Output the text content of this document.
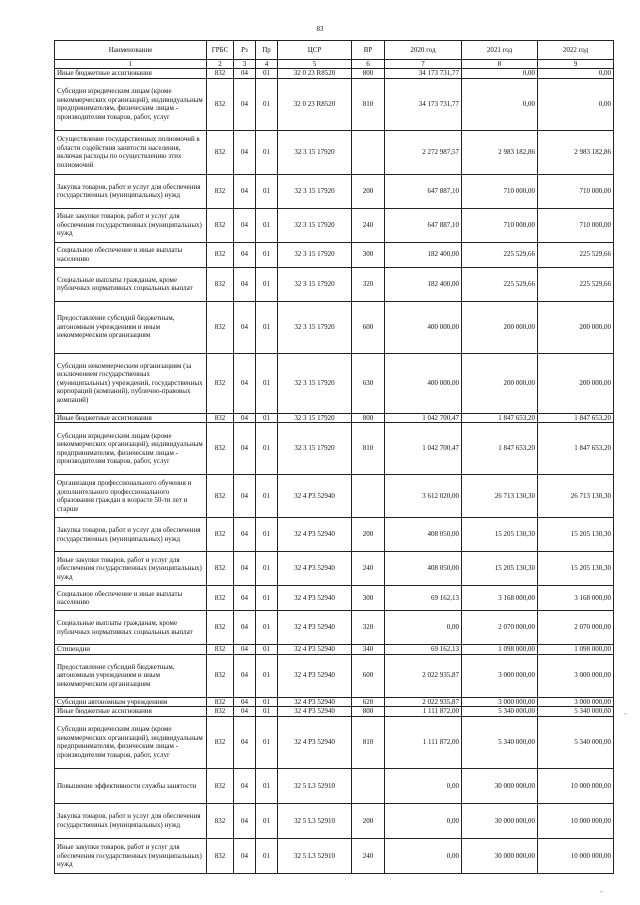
83
Наименование	ГРБС	Рз	Пр	ЦСР	ВР	2020 год	2021 год	2022 год
1	2	3	4	5	6	7	8	9
Иные бюджетные ассигнования	832	04	01	32 0 23 R8520	800	34 173 731,77	0,00	0,00
Субсидии юридическим лицам (кроме некоммерческих организаций), индивидуальным предпринимателям, физическим лицам - производителям товаров, работ, услуг	832	04	01	32 0 23 R8520	810	34 173 731,77	0,00	0,00
Осуществление государственных полномочий в области содействия занятости населения, включая расходы по осуществлению этих полномочий	832	04	01	32 3 15 17920		2 272 987,57	2 983 182,86	2 983 182,86
Закупка товаров, работ и услуг для обеспечения государственных (муниципальных) нужд	832	04	01	32 3 15 17920	200	647 887,10	710 000,00	710 000,00
Иные закупки товаров, работ и услуг для обеспечения государственных (муниципальных) нужд	832	04	01	32 3 15 17920	240	647 887,10	710 000,00	710 000,00
Социальное обеспечение и иные выплаты населению	832	04	01	32 3 15 17920	300	182 400,00	225 529,66	225 529,66
Социальные выплаты гражданам, кроме публичных нормативных социальных выплат	832	04	01	32 3 15 17920	320	182 400,00	225 529,66	225 529,66
Предоставление субсидий бюджетным, автономным учреждениям и иным некоммерческим организациям	832	04	01	32 3 15 17920	600	400 000,00	200 000,00	200 000,00
Субсидии некоммерческим организациям (за исключением государственных (муниципальных) учреждений, государственных корпораций (компаний), публично-правовых компаний)	832	04	01	32 3 15 17920	630	400 000,00	200 000,00	200 000,00
Иные бюджетные ассигнования	832	04	01	32 3 15 17920	800	1 042 700,47	1 847 653,20	1 847 653,20
Субсидии юридическим лицам (кроме некоммерческих организаций), индивидуальным предпринимателям, физическим лицам - производителям товаров, работ, услуг	832	04	01	32 3 15 17920	810	1 042 700,47	1 847 653,20	1 847 653,20
Организация профессионального обучения и дополнительного профессионального образования граждан в возрасте 50-ти лет и старше	832	04	01	32 4 P3 52940		3 612 020,00	26 713 130,30	26 713 130,30
Закупка товаров, работ и услуг для обеспечения государственных (муниципальных) нужд	832	04	01	32 4 P3 52940	200	408 050,00	15 205 130,30	15 205 130,30
Иные закупки товаров, работ и услуг для обеспечения государственных (муниципальных) нужд	832	04	01	32 4 P3 52940	240	408 050,00	15 205 130,30	15 205 130,30
Социальное обеспечение и иные выплаты населению	832	04	01	32 4 P3 52940	300	69 162,13	3 168 000,00	3 168 000,00
Социальные выплаты гражданам, кроме публичных нормативных социальных выплат	832	04	01	32 4 P3 52940	320	0,00	2 070 000,00	2 070 000,00
Стипендии	832	04	01	32 4 P3 52940	340	69 162,13	1 098 000,00	1 098 000,00
Предоставление субсидий бюджетным, автономным учреждениям и иным некоммерческим организациям	832	04	01	32 4 P3 52940	600	2 022 935,87	3 000 000,00	3 000 000,00
Субсидии автономным учреждениям	832	04	01	32 4 P3 52940	620	2 022 935,87	3 000 000,00	3 000 000,00
Иные бюджетные ассигнования	832	04	01	32 4 P3 52940	800	1 111 872,00	5 340 000,00	5 340 000,00
Субсидии юридическим лицам (кроме некоммерческих организаций), индивидуальным предпринимателям, физическим лицам - производителям товаров, работ, услуг	832	04	01	32 4 P3 52940	810	1 111 872,00	5 340 000,00	5 340 000,00
Повышение эффективности службы занятости	832	04	01	32 5 L3 52910		0,00	30 000 000,00	10 000 000,00
Закупка товаров, работ и услуг для обеспечения государственных (муниципальных) нужд	832	04	01	32 5 L3 52910	200	0,00	30 000 000,00	10 000 000,00
Иные закупки товаров, работ и услуг для обеспечения государственных (муниципальных) нужд	832	04	01	32 5 L3 52910	240	0,00	30 000 000,00	10 000 000,00
~
~
